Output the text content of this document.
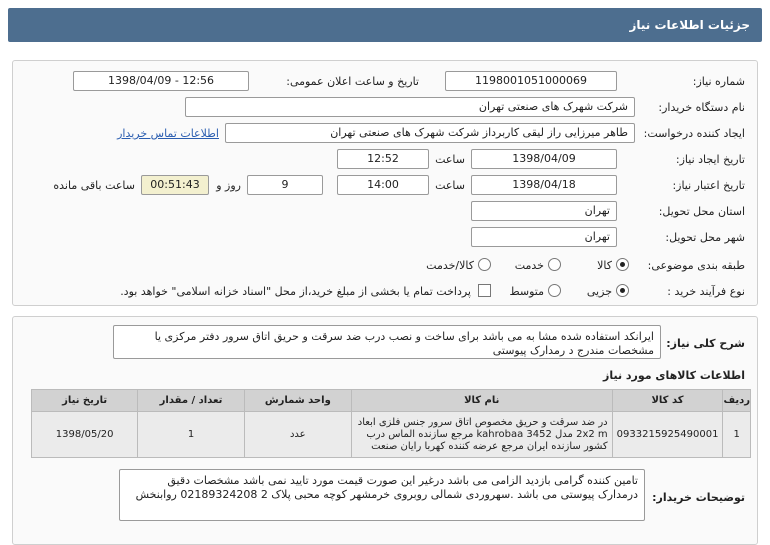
جزئیات اطلاعات نیاز
شماره نیاز:
1198001051000069
تاریخ و ساعت اعلان عمومی:
1398/04/09 - 12:56
نام دستگاه خریدار:
شرکت شهرک های صنعتی تهران
ایجاد کننده درخواست:
طاهر میرزایی راز لیقی کاربرداز شرکت شهرک های صنعتی تهران
اطلاعات تماس خریدار
تاریخ ایجاد نیاز:
1398/04/09
ساعت
12:52
تاریخ اعتبار نیاز:
1398/04/18
ساعت
14:00
9
روز و
00:51:43
ساعت باقی مانده
استان محل تحویل:
تهران
شهر محل تحویل:
تهران
طبقه بندی موضوعی:
کالا
خدمت
کالا/خدمت
نوع فرآیند خرید :
جزیی
متوسط
پرداخت تمام یا بخشی از مبلغ خرید،از محل "اسناد خزانه اسلامی" خواهد بود.
شرح کلی نیاز:
ایرانکد استفاده شده مشا به می باشد برای ساخت و نصب درب ضد سرقت و حریق اتاق سرور دفتر مرکزی یا مشخصات مندرج د رمدارک پیوستی
اطلاعات کالاهای مورد نیاز
ردیف	کد کالا	نام کالا	واحد شمارش	تعداد / مقدار	تاریخ نیاز
1	0933215925490001	در ضد سرقت و حریق مخصوص اتاق سرور جنس فلزی ابعاد 2x2 m مدل kahrobaa 3452 مرجع سازنده الماس درب کشور سازنده ایران مرجع عرضه کننده کهربا رایان صنعت	عدد	1	1398/05/20
توضیحات خریدار:
تامین کننده گرامی بازدید الزامی می باشد درغیر این صورت قیمت مورد تایید نمی باشد مشخصات دقیق درمدارک پیوستی می باشد .سهروردی شمالی روبروی خرمشهر کوچه محبی پلاک 2 02189324208 روابنخش
